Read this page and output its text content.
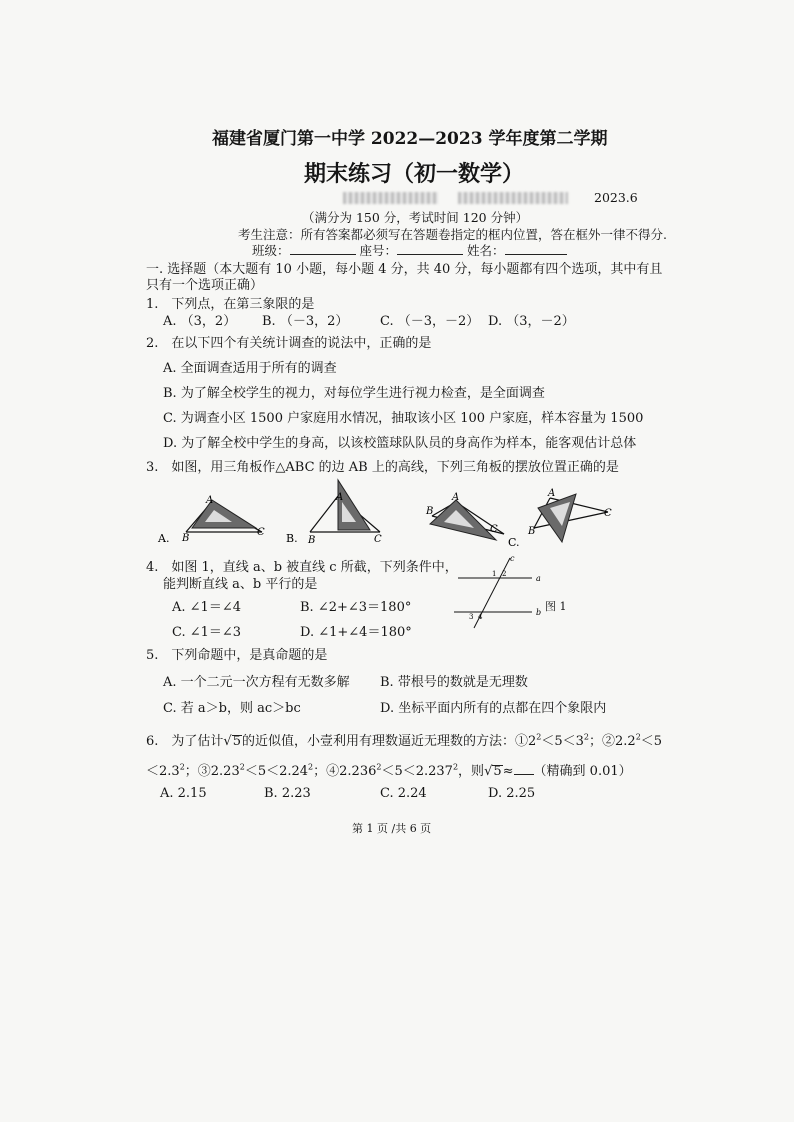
福建省厦门第一中学 2022—2023 学年度第二学期
期末练习（初一数学）
2023.6
（满分为 150 分，考试时间 120 分钟）
考生注意：所有答案都必须写在答题卷指定的框内位置，答在框外一律不得分.
班级：	座号：	姓名：
一. 选择题（本大题有 10 小题，每小题 4 分，共 40 分，每小题都有四个选项，其中有且
只有一个选项正确）
1.　下列点，在第三象限的是
A. （3，2） B. （－3，2） C. （－3，－2） D. （3，－2）
2.　在以下四个有关统计调查的说法中，正确的是
A. 全面调查适用于所有的调查
B. 为了解全校学生的视力，对每位学生进行视力检查，是全面调查
C. 为调查小区 1500 户家庭用水情况，抽取该小区 100 户家庭，样本容量为 1500
D. 为了解全校中学生的身高，以该校篮球队队员的身高作为样本，能客观估计总体
3.　如图，用三角板作△ABC 的边 AB 上的高线，下列三角板的摆放位置正确的是
A
B
C
A.
A
B	C
B.
A
B
C
C.
A
B
C
4.　如图 1，直线 a、b 被直线 c 所截，下列条件中，
能判断直线 a、b 平行的是
A. ∠1＝∠4	B. ∠2+∠3＝180°
C. ∠1＝∠3	D. ∠1+∠4＝180°
a
b
c
1 2
3 4
图 1
5.　下列命题中，是真命题的是
A. 一个二元一次方程有无数多解 B. 带根号的数就是无理数
C. 若 a＞b，则 ac＞bc	D. 坐标平面内所有的点都在四个象限内
6.　为了估计√5的近似值，小壹利用有理数逼近无理数的方法：$①2^2<5<3^2$；$②2.2^2<5$
$<2.3^2$；$③2.23^2<5<2.24^2$；$④2.236^2<5<2.237^2$，则√5≈ （精确到 0.01）
A. 2.15	B. 2.23	C. 2.24	D. 2.25
第 1 页 /共 6 页
